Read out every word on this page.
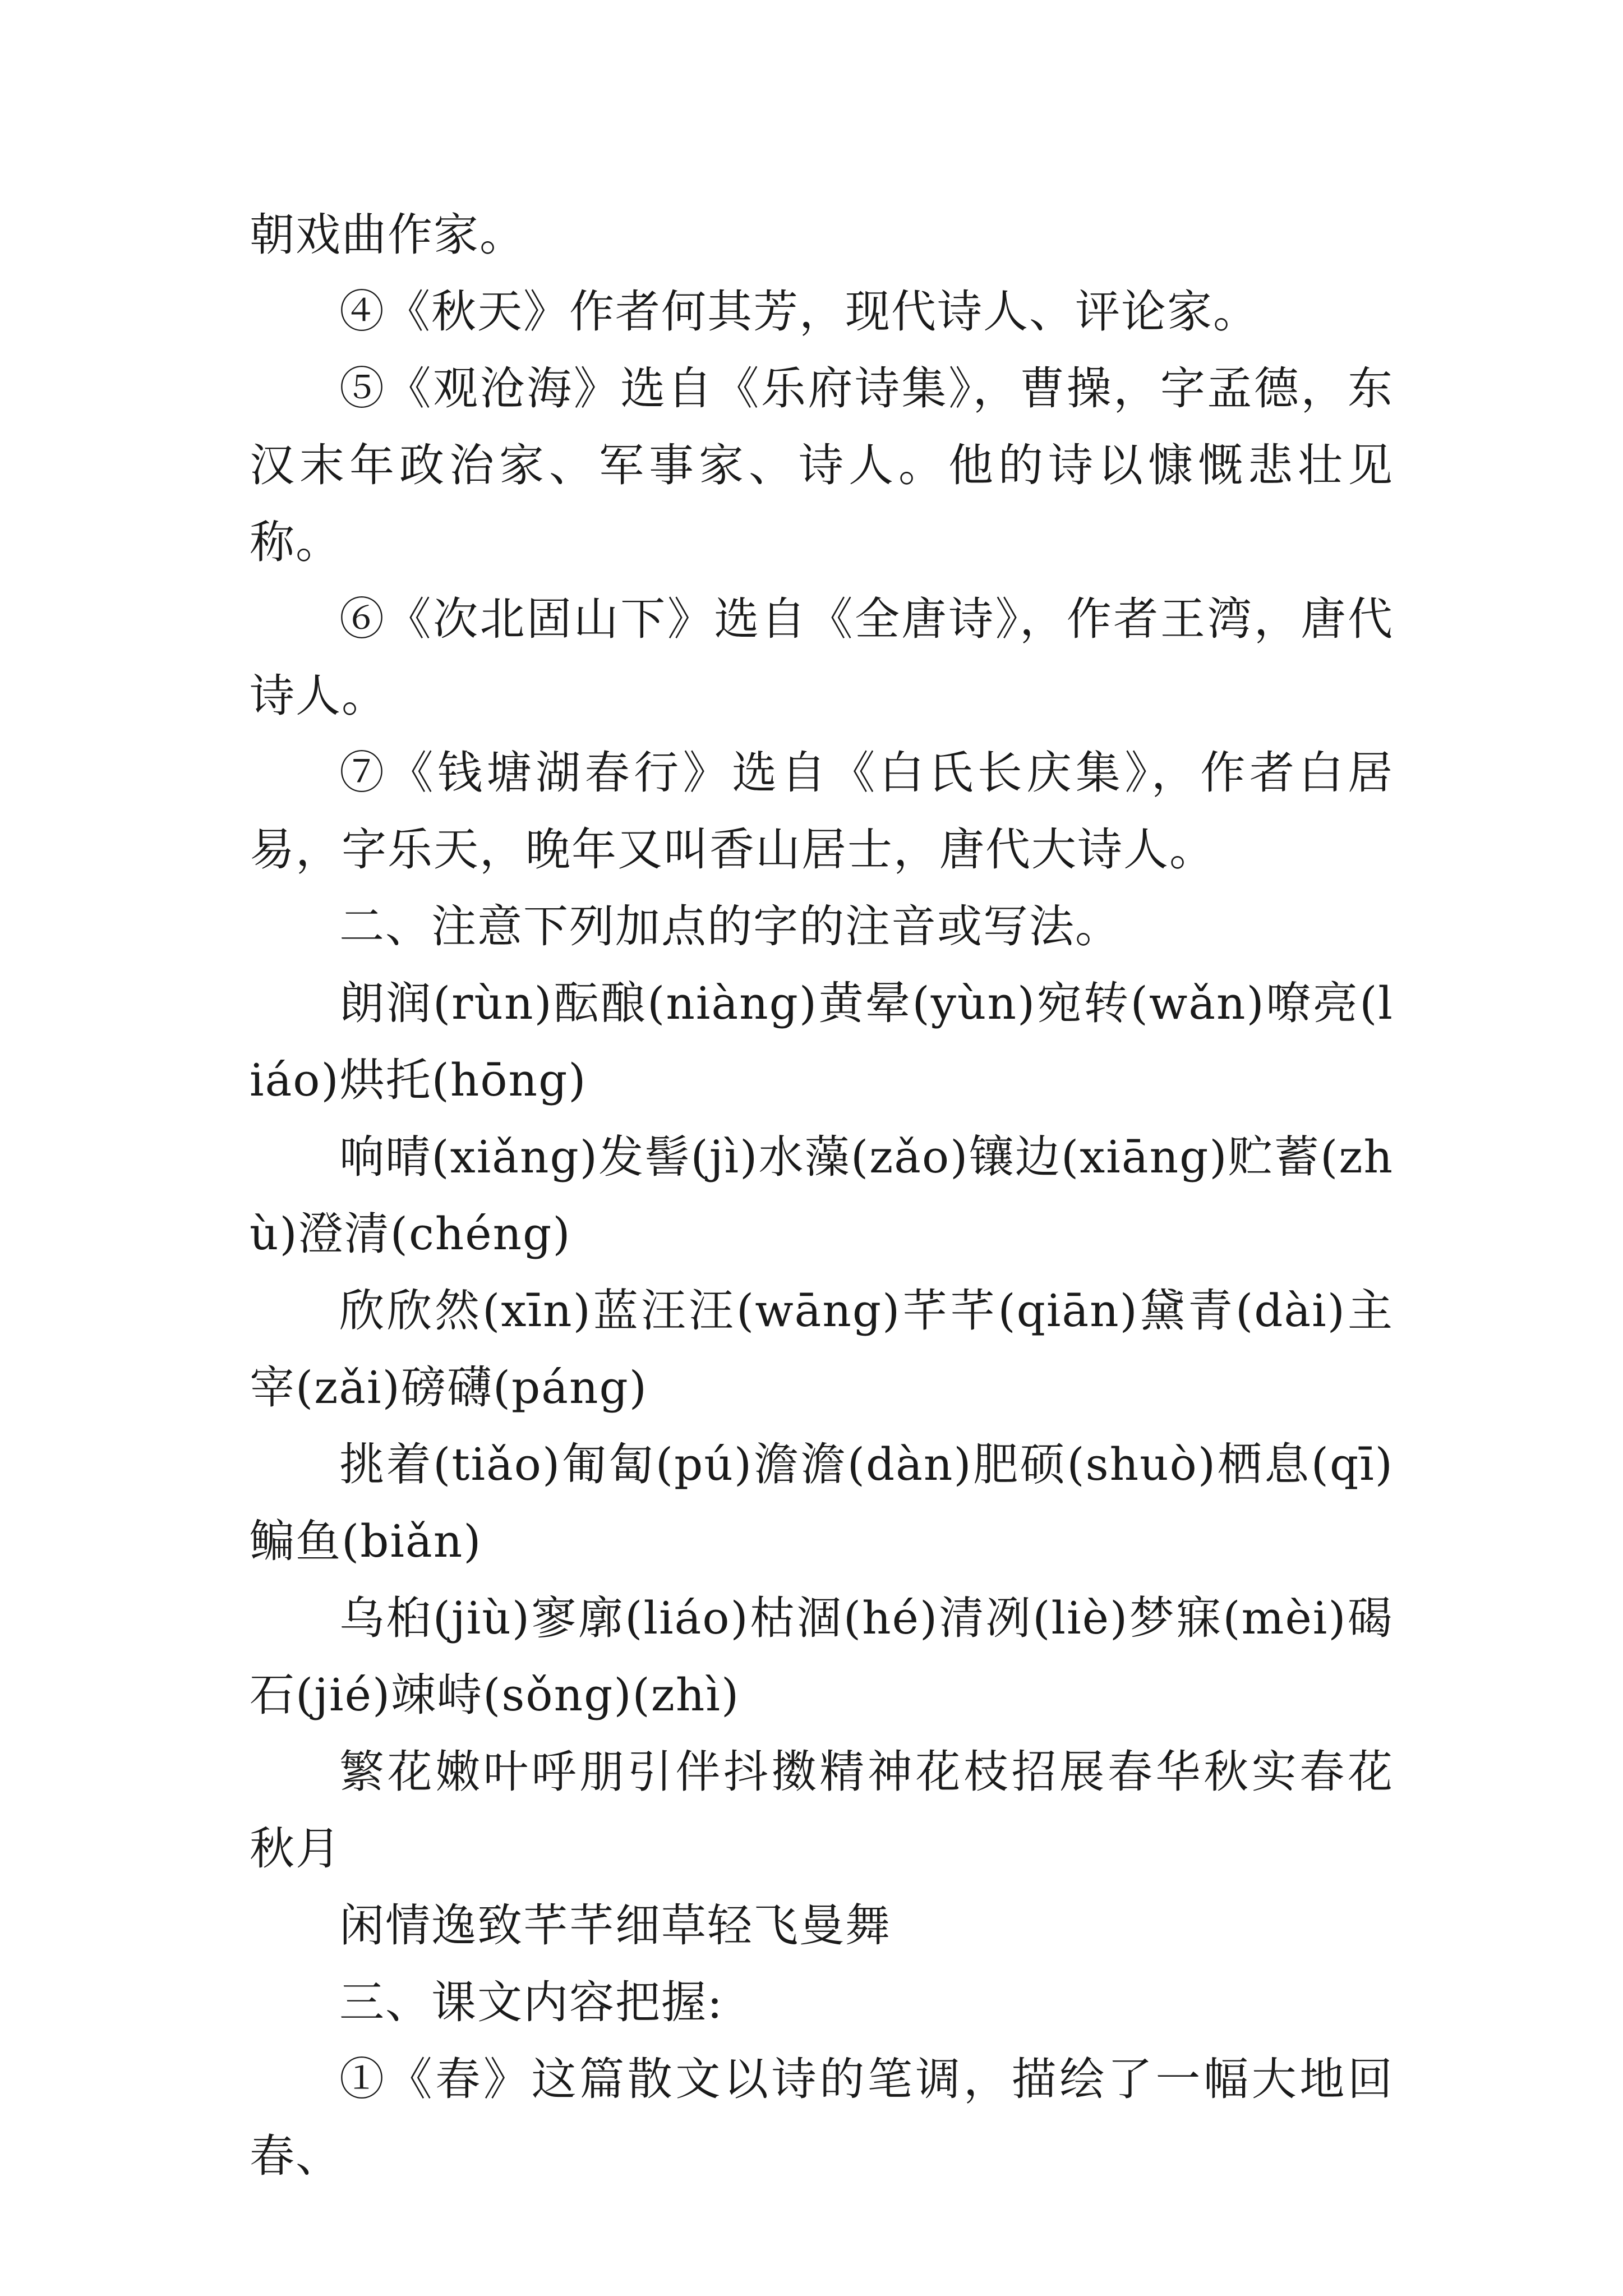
朝戏曲作家。

④《秋天》作者何其芳，现代诗人、评论家。

⑤《观沧海》选自《乐府诗集》，曹操，字孟德，东汉末年政治家、军事家、诗人。他的诗以慷慨悲壮见称。

⑥《次北固山下》选自《全唐诗》，作者王湾，唐代诗人。

⑦《钱塘湖春行》选自《白氏长庆集》，作者白居易，字乐天，晚年又叫香山居士，唐代大诗人。

二、注意下列加点的字的注音或写法。

朗润(rùn)酝酿(niàng)黄晕(yùn)宛转(wǎn)嘹亮(liáo)烘托(hōng)

响晴(xiǎng)发髻(jì)水藻(zǎo)镶边(xiāng)贮蓄(zhù)澄清(chéng)

欣欣然(xīn)蓝汪汪(wāng)芊芊(qiān)黛青(dài)主宰(zǎi)磅礴(páng)

挑着(tiǎo)匍匐(pú)澹澹(dàn)肥硕(shuò)栖息(qī)鳊鱼(biǎn)

乌桕(jiù)寥廓(liáo)枯涸(hé)清冽(liè)梦寐(mèi)碣石(jié)竦峙(sǒng)(zhì)

繁花嫩叶呼朋引伴抖擞精神花枝招展春华秋实春花秋月

闲情逸致芊芊细草轻飞曼舞

三、课文内容把握:

①《春》这篇散文以诗的笔调，描绘了一幅大地回春、
